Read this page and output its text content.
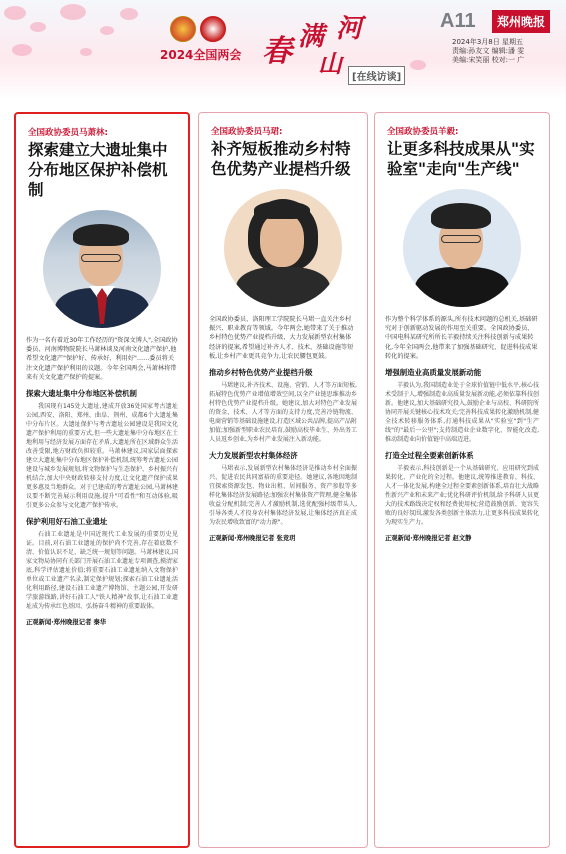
2024全国两会 春 满 河
山	[在线访谈]
A11	郑州晚报
2024年3月8日 星期五
责编:孙友文 编辑:潘 雯
美编:宋笑丽 校对:一 广
全国政协委员马萧林:
探索建立大遗址集中分布地区保护补偿机制
作为一名有着近30年工作经历的"资深文博人",全国政协委员、河南博物院院长马萧林谈及河南文化遗产保护,他希望文化遗产"保护好、传承好、利用好"……委员将关注文化遗产保护利用的议题。今年全国两会,马萧林将带来有关文化遗产保护的提案。
探索大遗址集中分布地区补偿机制
我国现有145处大遗址,建成开放36处国家考古遗址公园,西安、洛阳、郑州、曲阜、荆州、成都6个大遗址集中分布片区。大遗址保护与考古遗址公园建设是我国文化遗产保护利用的重要方式,但一些大遗址集中分布地区在土地利用与经济发展方面存在矛盾,大遗址所在区域群众生活改善受限,地方财政负担较重。马萧林建议,国家层面探索建立大遗址集中分布地区保护补偿机制,统筹考古遗址公园建设与城乡发展规划,将文物保护与生态保护、乡村振兴有机结合,加大中央财政转移支付力度,让文化遗产保护成果更多惠及当地群众。对于已建成的考古遗址公园,马萧林建议要不断完善展示利用设施,提升"可看性"和互动体验,吸引更多公众参与文化遗产保护传承。
保护利用好石油工业遗址
石油工业遗址是中国近现代工业发展的重要历史见证。目前,对石油工业遗址的保护尚不完善,存在着底数不清、价值认识不足、缺乏统一规划等问题。马萧林建议,国家文物局协同有关部门开展石油工业遗址专项调查,摸清家底,科学评估遗址价值;将重要石油工业遗址纳入文物保护单位或工业遗产名录,制定保护规划;探索石油工业遗址活化利用路径,建设石油工业遗产博物馆、主题公园,开发研学旅游线路,讲好石油工人"铁人精神"故事,让石油工业遗址成为传承红色基因、弘扬奋斗精神的重要载体。
正观新闻·郑州晚报记者 秦华
全国政协委员马珺:
补齐短板推动乡村特色优势产业提档升级
全国政协委员、洛阳理工学院院长马珺一直关注乡村振兴、职业教育等领域。今年两会,她带来了关于推动乡村特色优势产业提档升级、大力发展新型农村集体经济的提案,希望通过补齐人才、技术、基础设施等短板,让乡村产业更具竞争力,让农民腰包更鼓。
推动乡村特色优势产业提档升级
马珺建议,补齐技术、设施、营销、人才等方面短板,拓展特色优势产业增值增效空间,以全产业链思维推动乡村特色优势产业提档升级。她建议,加大对特色产业发展的资金、技术、人才等方面的支持力度,完善冷链物流、电商营销等基础设施建设,打造区域公共品牌,提高产品附加值;加强新型职业农民培育,鼓励高校毕业生、外出务工人员返乡创业,为乡村产业发展注入新动能。
大力发展新型农村集体经济
马珺表示,发展新型农村集体经济是推动乡村全面振兴、促进农民共同富裕的重要途径。她建议,各地因地制宜探索资源发包、物业出租、居间服务、资产参股等多样化集体经济发展路径;加强农村集体资产管理,健全集体收益分配机制;完善人才激励机制,选优配强村级带头人,引导各类人才投身农村集体经济发展,让集体经济真正成为农民增收致富的"动力源"。
正观新闻·郑州晚报记者 张竞玥
全国政协委员羊毅:
让更多科技成果从"实验室"走向"生产线"
作为整个科学体系的源头,所有技术问题的总机关,基础研究对于创新驱动发展的作用至关重要。全国政协委员、中国电科某研究所所长羊毅持续关注科技创新与成果转化,今年全国两会,他带来了加强基础研究、促进科技成果转化的提案。
增强制造业高质量发展新动能
羊毅认为,我国制造业处于全球价值链中低水平,核心技术受制于人,增强制造业高质量发展新动能,必须依靠科技创新。他建议,加大基础研究投入,鼓励企业与高校、科研院所协同开展关键核心技术攻关;完善科技成果转化激励机制,健全技术转移服务体系,打通科技成果从"实验室"到"生产线"的"最后一公里";支持制造业企业数字化、智能化改造,推动制造业向价值链中高端迈进。
打造全过程全要素创新体系
羊毅表示,科技创新是一个从基础研究、应用研究到成果转化、产业化的全过程。他建议,统筹推进教育、科技、人才一体化发展,构建全过程全要素创新体系,培育壮大战略性新兴产业和未来产业;优化科研评价机制,给予科研人员更大的技术路线决定权和经费使用权;营造鼓励创新、宽容失败的良好氛围,激发各类创新主体活力,让更多科技成果转化为现实生产力。
正观新闻·郑州晚报记者 赵文静
